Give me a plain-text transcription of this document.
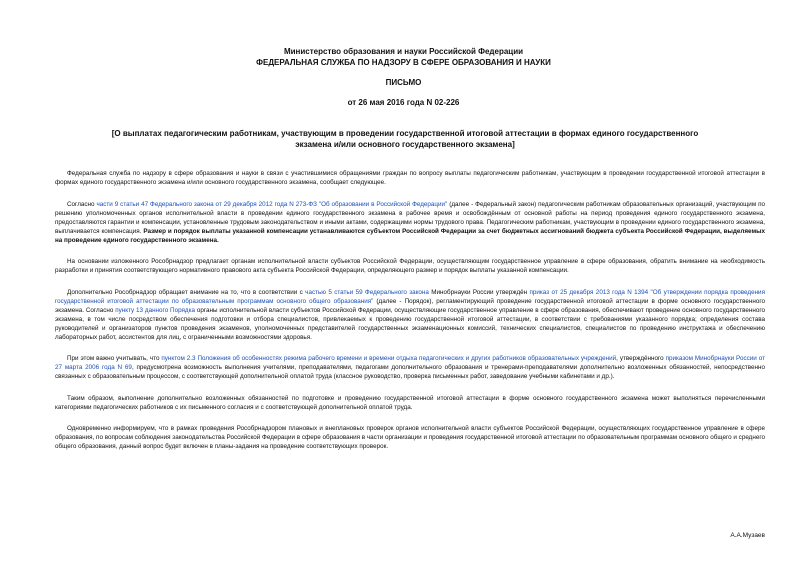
Министерство образования и науки Российской Федерации
ФЕДЕРАЛЬНАЯ СЛУЖБА ПО НАДЗОРУ В СФЕРЕ ОБРАЗОВАНИЯ И НАУКИ
ПИСЬМО
от 26 мая 2016 года N 02-226
[О выплатах педагогическим работникам, участвующим в проведении государственной итоговой аттестации в формах единого государственного экзамена и/или основного государственного экзамена]

Федеральная служба по надзору в сфере образования и науки в связи с участившимися обращениями граждан по вопросу выплаты педагогическим работникам, участвующим в проведении государственной итоговой аттестации в формах единого государственного экзамена и/или основного государственного экзамена, сообщает следующее.

Согласно части 9 статьи 47 Федерального закона от 29 декабря 2012 года N 273-ФЗ "Об образовании в Российской Федерации" (далее - Федеральный закон) педагогическим работникам образовательных организаций, участвующим по решению уполномоченных органов исполнительной власти в проведении единого государственного экзамена в рабочее время и освобождённым от основной работы на период проведения единого государственного экзамена, предоставляются гарантии и компенсации, установленные трудовым законодательством и иными актами, содержащими нормы трудового права. Педагогическим работникам, участвующим в проведении единого государственного экзамена, выплачивается компенсация. Размер и порядок выплаты указанной компенсации устанавливаются субъектом Российской Федерации за счет бюджетных ассигнований бюджета субъекта Российской Федерации, выделяемых на проведение единого государственного экзамена.

На основании изложенного Рособрнадзор предлагает органам исполнительной власти субъектов Российской Федерации, осуществляющим государственное управление в сфере образования, обратить внимание на необходимость разработки и принятия соответствующего нормативного правового акта субъекта Российской Федерации, определяющего размер и порядок выплаты указанной компенсации.

Дополнительно Рособрнадзор обращает внимание на то, что в соответствии с частью 5 статьи 59 Федерального закона Минобрнауки России утверждён приказ от 25 декабря 2013 года N 1394 "Об утверждении порядка проведения государственной итоговой аттестации по образовательным программам основного общего образования" (далее - Порядок), регламентирующий проведение государственной итоговой аттестации в форме основного государственного экзамена. Согласно пункту 13 данного Порядка органы исполнительной власти субъектов Российской Федерации, осуществляющие государственное управление в сфере образования, обеспечивают проведение основного государственного экзамена, в том числе посредством обеспечения подготовки и отбора специалистов, привлекаемых к проведению государственной итоговой аттестации, в соответствии с требованиями указанного порядка; определения состава руководителей и организаторов пунктов проведения экзаменов, уполномоченных представителей государственных экзаменационных комиссий, технических специалистов, специалистов по проведению инструктажа и обеспечению лабораторных работ, ассистентов для лиц, с ограниченными возможностями здоровья.

При этом важно учитывать, что пунктом 2.3 Положения об особенностях режима рабочего времени и времени отдыха педагогических и других работников образовательных учреждений, утверждённого приказом Минобрнауки России от 27 марта 2006 года N 69, предусмотрена возможность выполнения учителями, преподавателями, педагогами дополнительного образования и тренерами-преподавателями дополнительно возложенных обязанностей, непосредственно связанных с образовательным процессом, с соответствующей дополнительной оплатой труда (классное руководство, проверка письменных работ, заведование учебными кабинетами и др.).

Таким образом, выполнение дополнительно возложенных обязанностей по подготовке и проведению государственной итоговой аттестации в форме основного государственного экзамена может выполняться перечисленными категориями педагогических работников с их письменного согласия и с соответствующей дополнительной оплатой труда.

Одновременно информируем, что в рамках проведения Рособрнадзором плановых и внеплановых проверок органов исполнительной власти субъектов Российской Федерации, осуществляющих государственное управление в сфере образования, по вопросам соблюдения законодательства Российской Федерации в сфере образования в части организации и проведения государственной итоговой аттестации по образовательным программам основного общего и среднего общего образования, данный вопрос будет включен в планы-задания на проведение соответствующих проверок.

А.А.Музаев
